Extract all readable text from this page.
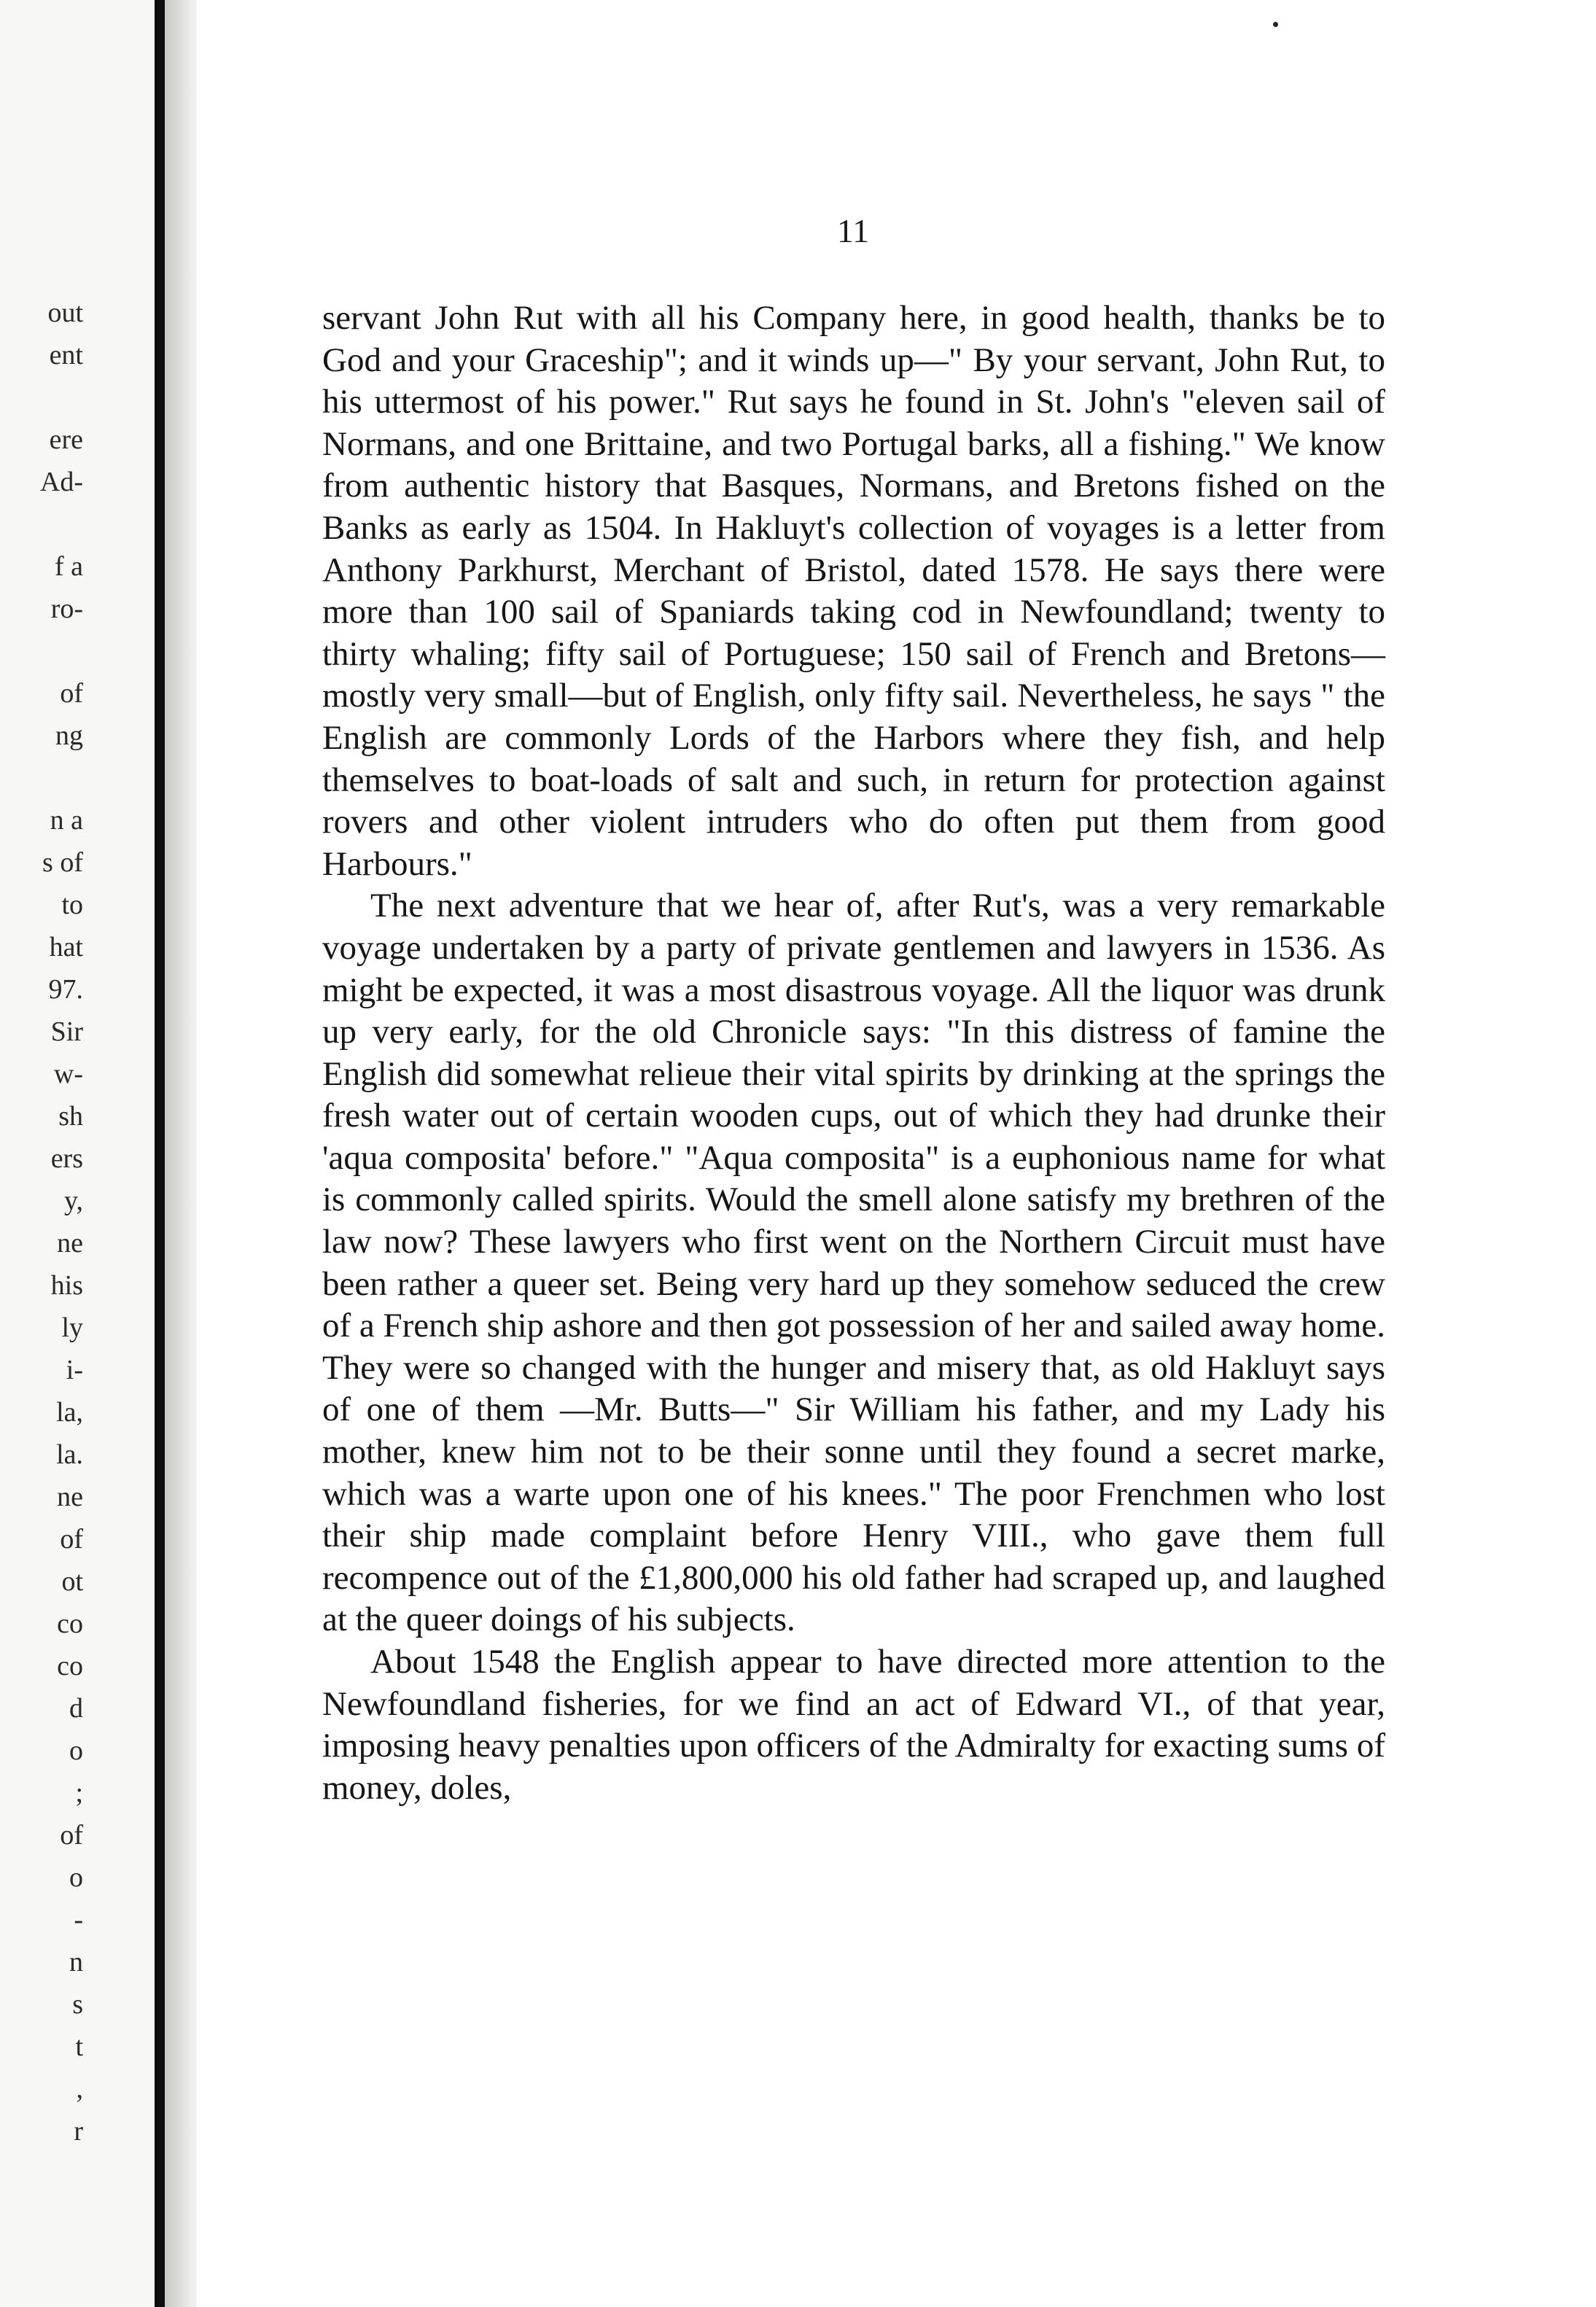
out
ent
ere
Ad-
f a
ro-
of
ng
n a
s of
to
hat
97.
Sir
w-
sh
ers
y,
ne
his
ly
i-
la,
la.
ne
of
ot
co
co
d
o
;
of
o
-
n
s
t
,
r
11

servant John Rut with all his Company here, in good health, thanks be to God and your Graceship"; and it winds up—" By your servant, John Rut, to his uttermost of his power." Rut says he found in St. John's "eleven sail of Normans, and one Brittaine, and two Portugal barks, all a fishing." We know from authentic history that Basques, Normans, and Bretons fished on the Banks as early as 1504. In Hakluyt's collection of voyages is a letter from Anthony Parkhurst, Merchant of Bristol, dated 1578. He says there were more than 100 sail of Spaniards taking cod in Newfoundland; twenty to thirty whaling; fifty sail of Portuguese; 150 sail of French and Bretons—mostly very small—but of English, only fifty sail. Nevertheless, he says " the English are commonly Lords of the Harbors where they fish, and help themselves to boat-loads of salt and such, in return for protection against rovers and other violent intruders who do often put them from good Harbours."

The next adventure that we hear of, after Rut's, was a very remarkable voyage undertaken by a party of private gentlemen and lawyers in 1536. As might be expected, it was a most disastrous voyage. All the liquor was drunk up very early, for the old Chronicle says: "In this distress of famine the English did somewhat relieue their vital spirits by drinking at the springs the fresh water out of certain wooden cups, out of which they had drunke their 'aqua composita' before." "Aqua composita" is a euphonious name for what is commonly called spirits. Would the smell alone satisfy my brethren of the law now? These lawyers who first went on the Northern Circuit must have been rather a queer set. Being very hard up they somehow seduced the crew of a French ship ashore and then got possession of her and sailed away home. They were so changed with the hunger and misery that, as old Hakluyt says of one of them —Mr. Butts—" Sir William his father, and my Lady his mother, knew him not to be their sonne until they found a secret marke, which was a warte upon one of his knees." The poor Frenchmen who lost their ship made complaint before Henry VIII., who gave them full recompence out of the £1,800,000 his old father had scraped up, and laughed at the queer doings of his subjects.

About 1548 the English appear to have directed more attention to the Newfoundland fisheries, for we find an act of Edward VI., of that year, imposing heavy penalties upon officers of the Admiralty for exacting sums of money, doles,
